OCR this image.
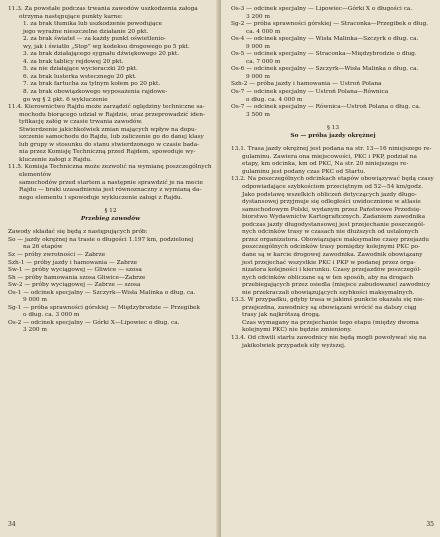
11.3. Za powstałe podczas trwania zawodów uszkodzenia załoga

otrzyma następujące punkty karne:

1. za brak tłumika lub uszkodzenie powodujące

jego wyraźne nieszczelne działanie 20 pkt.

2. za brak świateł — za każdy punkt oświetlenio-

wy, jak i światło „Stop” wg kodeksu drogowego po 5 pkt.

3. za brak działającego sygnału dźwiękowego 20 pkt.

4. za brak tablicy rejdowej 20 pkt.

5. za nie działające wycieraczki 20 pkt.

6. za brak lusterka wstecznego 20 pkt.

7. za brak fartucha za tylnym kołem po 20 pkt.

8. za brak obowiązkowego wyposażenia rajdowe-

go wg § 2 pkt. 6 wykluczenie

11.4. Kierownictwo Rajdu może zarządzić oględziny techniczne sa-

mochodu biorącego udział w Rajdzie, oraz przeprowadzić iden-

tyfikację załóg w czasie trwania zawodów.

Stwierdzenie jakichkolwiek zmian mających wpływ na dopu-

szczenie samochodu do Rajdu, lub zaliczenie go do danej klasy

lub grupy w stosunku do stanu stwierdzonego w czasie bada-

nia przez Komisję Techniczną przed Rajdem, spowoduje wy-

kluczenie załogi z Rajdu.

11.5. Komisja Techniczna może zezwolić na wymianę poszczególnych elementów

samochodów przed startem a następnie sprawdzić je na mecie

Rajdu — braki uzasadnienia jest równoznaczny z wymianą da-

nego elementu i spowoduje wykluczenie załogi z Rajdu.

§ 12

Przebieg zawodów

Zawody składać się będą z następujących prób:

So — jazdy okrężnej na trasie o długości 1.197 km, podzielonej

na 26 etapów

Sz — próby zwrotności — Zabrze

Szh-1 — próby jazdy i hamowania — Zabrze

Sw-1 — próby wyciągowej — Gliwice — szosa

Sh — próby hamowania szosa Gliwice—Zabrze

Sw-2 — próby wyciągowej — Zabrze — szosa

Os-1 — odcinek specjalny — Szczyrk—Wisła Malinka o dług. ca.

9 000 m

Sg-1 — próba sprawności górskiej — Międzybrodzie — Przegibek

o dług. ca. 3 000 m

Os-2 — odcinek specjalny — Górki X—Lipowiec o dług. ca.

3 200 m

34

Os-3 — odcinek specjalny — Lipowiec—Górki X o długości ca.

3 200 m

Sg-2 — próba sprawności górskiej — Straconka—Przegibek o dług.

ca. 4 000 m

Os-4 — odcinek specjalny — Wisła Malinka—Szczyrk o dług. ca.

9 000 m

Os-5 — odcinek specjalny — Straconka—Międzybrodzie o dług.

ca. 7 000 m

Os-6 — odcinek specjalny — Szczyrk—Wisła Malinka o dług. ca.

9 000 m

Szh-2 — próba jazdy i hamowania — Ustroń Polana

Os-7 — odcinek specjalny — Ustroń Polana—Równica

o dług. ca. 4 000 m

Os-7 — odcinek specjalny — Równica—Ustroń Polana o dług. ca.

3 500 m

§ 13

So — próba jazdy okrężnej

13.1. Trasa jazdy okrężnej jest podana na str. 13—16 niniejszego re-

gulaminu. Zawiera ona miejscowości, PKC i PKP, podział na

etapy, km odcinka, km od PKC, Na str. 20 niniejszego re-

gulaminu jest podany czas PKC od Startu.

13.2. Na poszczególnych odcinkach etapów obowiązywać będą czasy

odpowiadające szybkościom przeciętnym od 52—54 km/godz.

Jako podstawę wszelkich obliczeń dotyczących jazdy długo-

dystansowej przyjmuje się odległości uwidocznione w atlasie

samochodowym Polski, wydanym przez Państwowe Przedsię-

biorstwo Wydawnictw Kartograficznych. Zadaniem zawodnika

podczas jazdy długodystansowej jest przejechanie poszczegól-

nych odcinków trasy w czasach nie dłuższych od ustalonych

przez organizatora. Obowiązujące maksymalne czasy przejazdu

poszczególnych odcinków trasy pomiędzy kolejnymi PKC po-

dane są w karcie drogowej zawodnika. Zawodnik obowiązany

jest przejechać wszystkie PKC i PKP w podanej przez orga-

nizatora kolejności i kierunku. Czasy przejazdów poszczegól-

nych odcinków obliczane są w ten sposób, aby na drogach

przebiegających przez osiedla (miejsce zabudowane) zawodnicy

nie przekraczali obowiązujących szybkości maksymalnych.

13.3. W przypadku, gdyby trasa w jakimś punkcie okazała się nie-

przejezdna, zawodnicy są obowiązani wrócić na dalszy ciąg

trasy jak najkrótszą drogą.

Czas wymagany na przejechanie tego etapu (między dwoma

kolejnymi PKC) nie będzie zmieniony.

13.4. Od chwili startu zawodnicy nie będą mogli powoływać się na

jakikolwiek przypadek siły wyższej.

35
